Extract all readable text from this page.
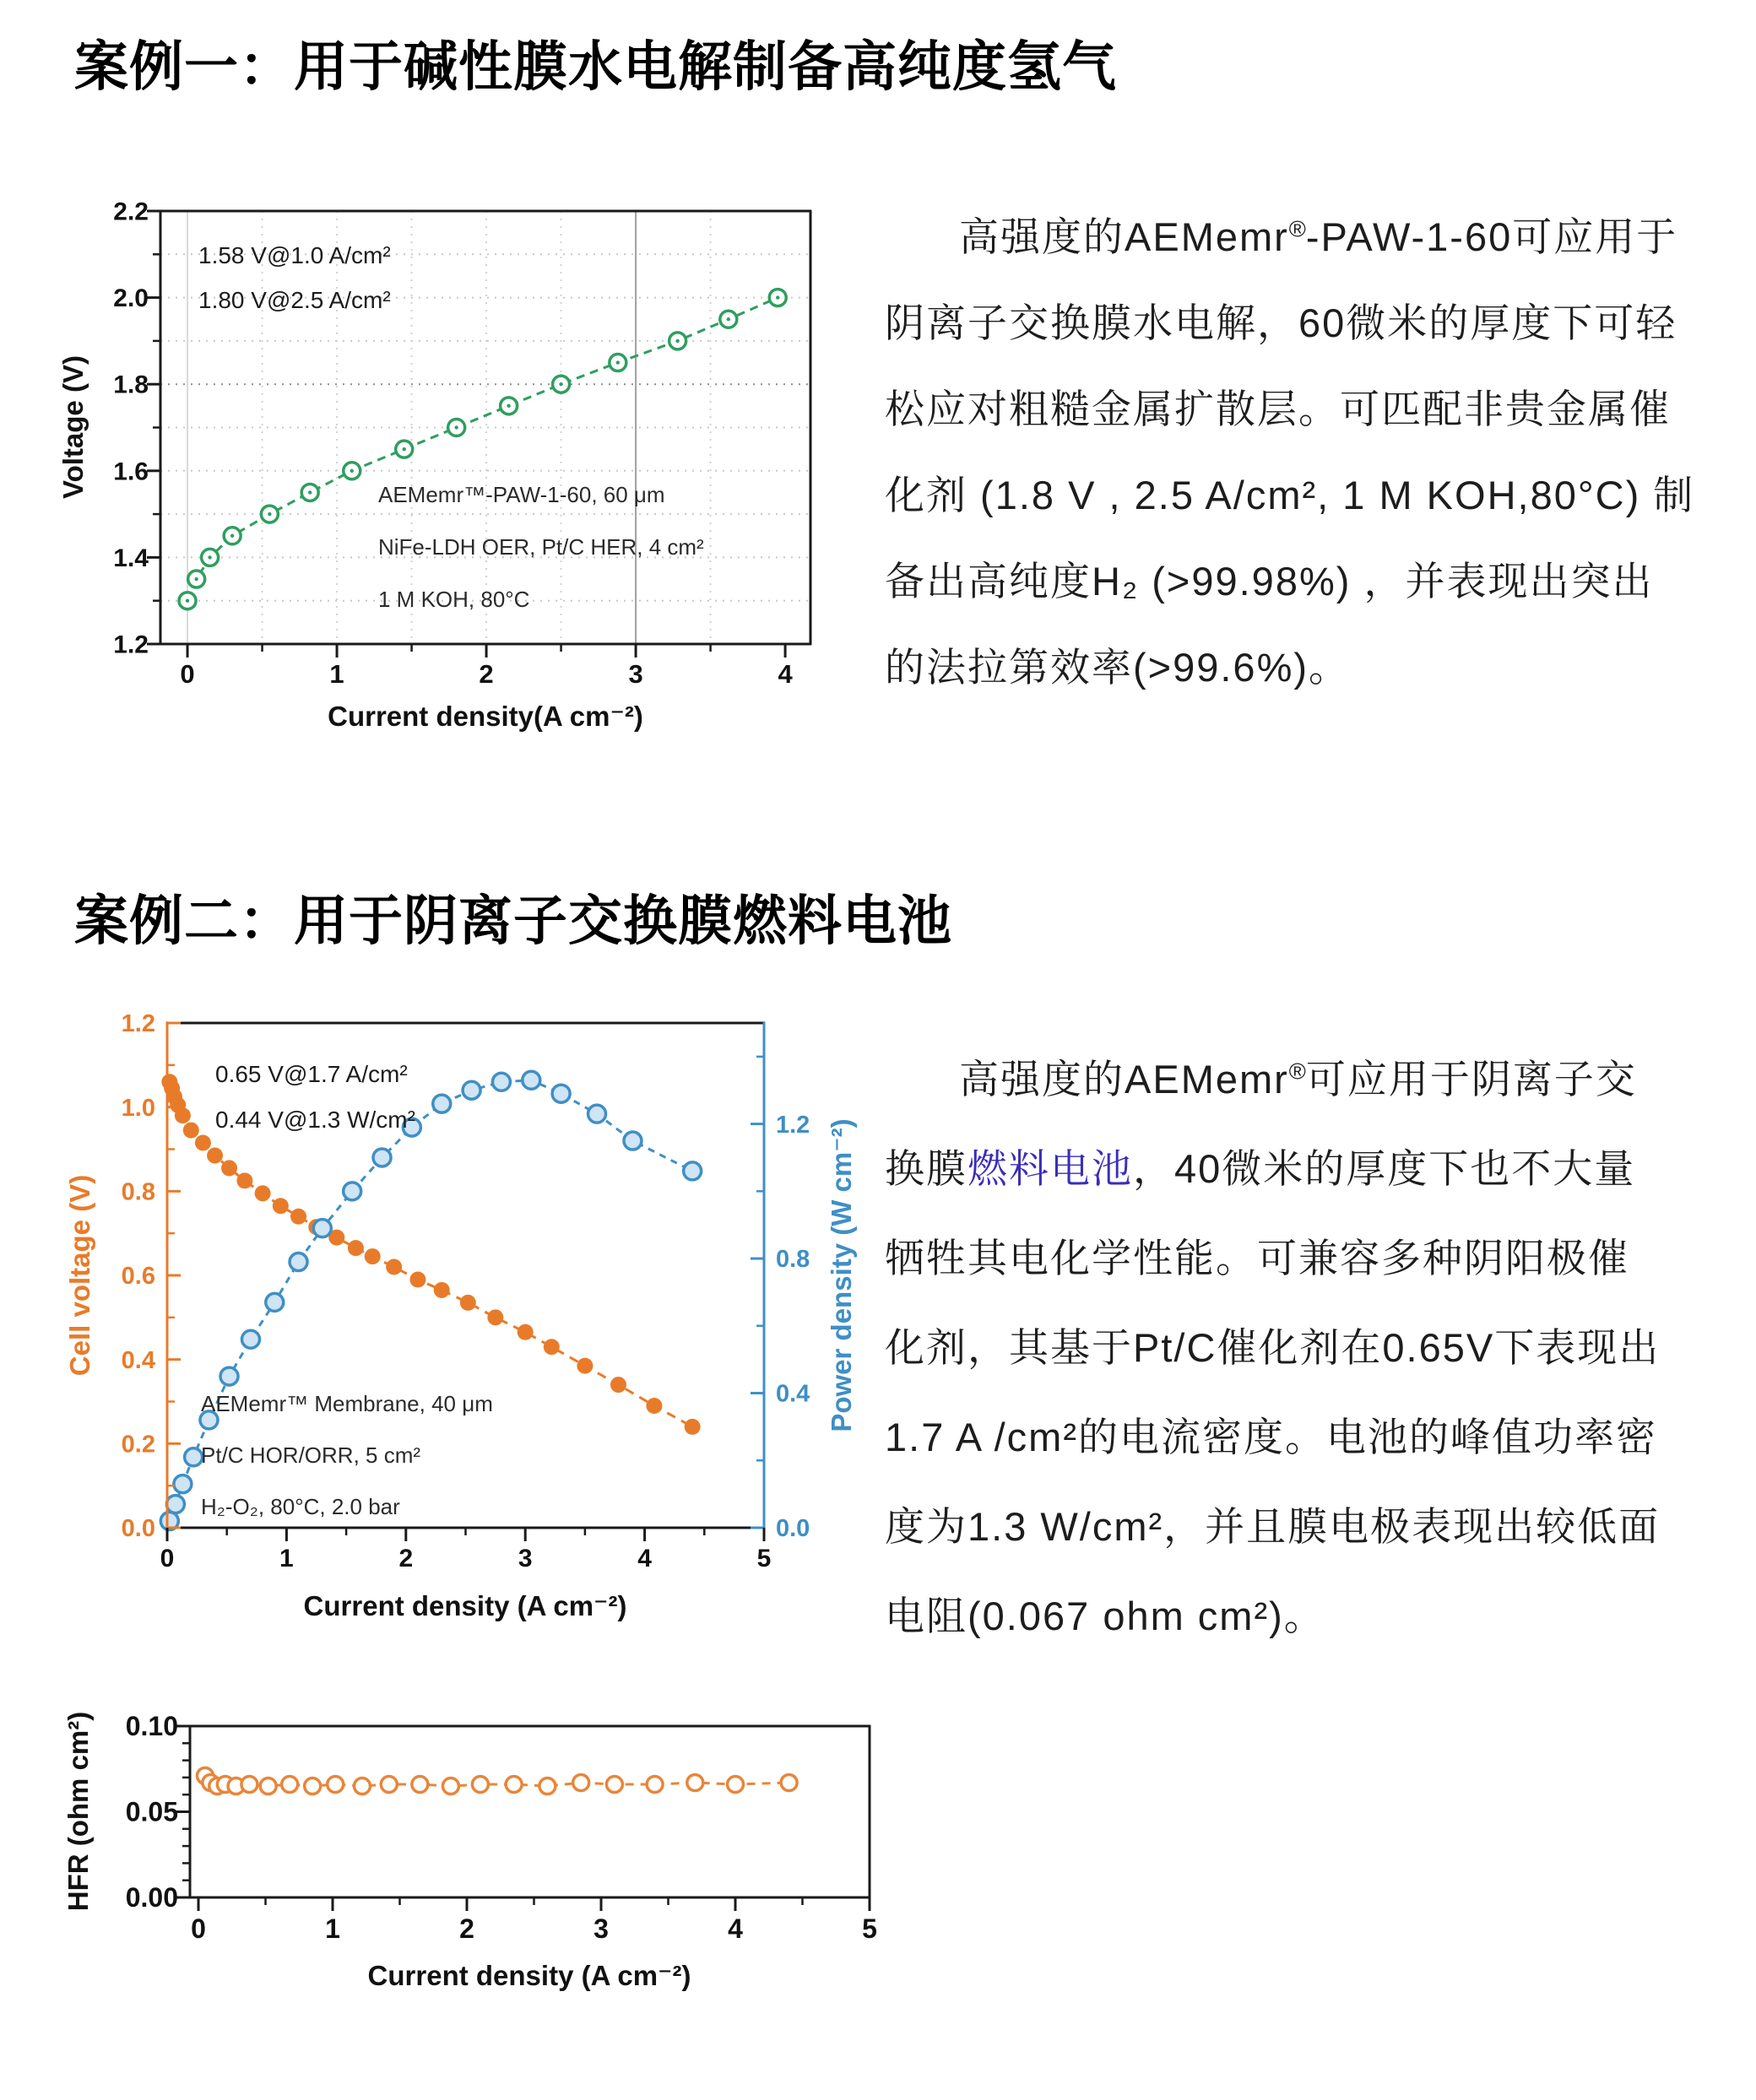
案例一：用于碱性膜水电解制备高纯度氢气
案例二：用于阴离子交换膜燃料电池
1.2
1.4
1.6
1.8
2.0
2.2
0	1	2	3	4
1.58 V@1.0 A/cm²
1.80 V@2.5 A/cm²
AEMemr™-PAW-1-60, 60 μm
NiFe-LDH OER, Pt/C HER, 4 cm²
1 M KOH, 80°C
Voltage (V)
Current density(A cm⁻²)
0.0
0.2
0.4
0.6
0.8
1.0
1.2
0.0
0.4
0.8
1.2
0	1	2	3	4	5
0.65 V@1.7 A/cm²
0.44 V@1.3 W/cm²
AEMemr™ Membrane, 40 μm
Pt/C HOR/ORR, 5 cm²
H₂-O₂, 80°C, 2.0 bar
Cell voltage (V)	Power density (W cm⁻²)
Current density (A cm⁻²)
0.00
0.05
0.10
0	1	2	3	4	5
HFR (ohm cm²)
Current density (A cm⁻²)
高强度的AEMemr®-PAW-1-60可应用于
阴离子交换膜水电解，60微米的厚度下可轻
松应对粗糙金属扩散层。可匹配非贵金属催
化剂 (1.8 V , 2.5 A/cm², 1 M KOH,80°C) 制
备出高纯度H₂ (>99.98%) ，并表现出突出
的法拉第效率(>99.6%)。
高强度的AEMemr®可应用于阴离子交
换膜燃料电池，40微米的厚度下也不大量
牺牲其电化学性能。可兼容多种阴阳极催
化剂，其基于Pt/C催化剂在0.65V下表现出
1.7 A /cm²的电流密度。电池的峰值功率密
度为1.3 W/cm²，并且膜电极表现出较低面
电阻(0.067 ohm cm²)。
